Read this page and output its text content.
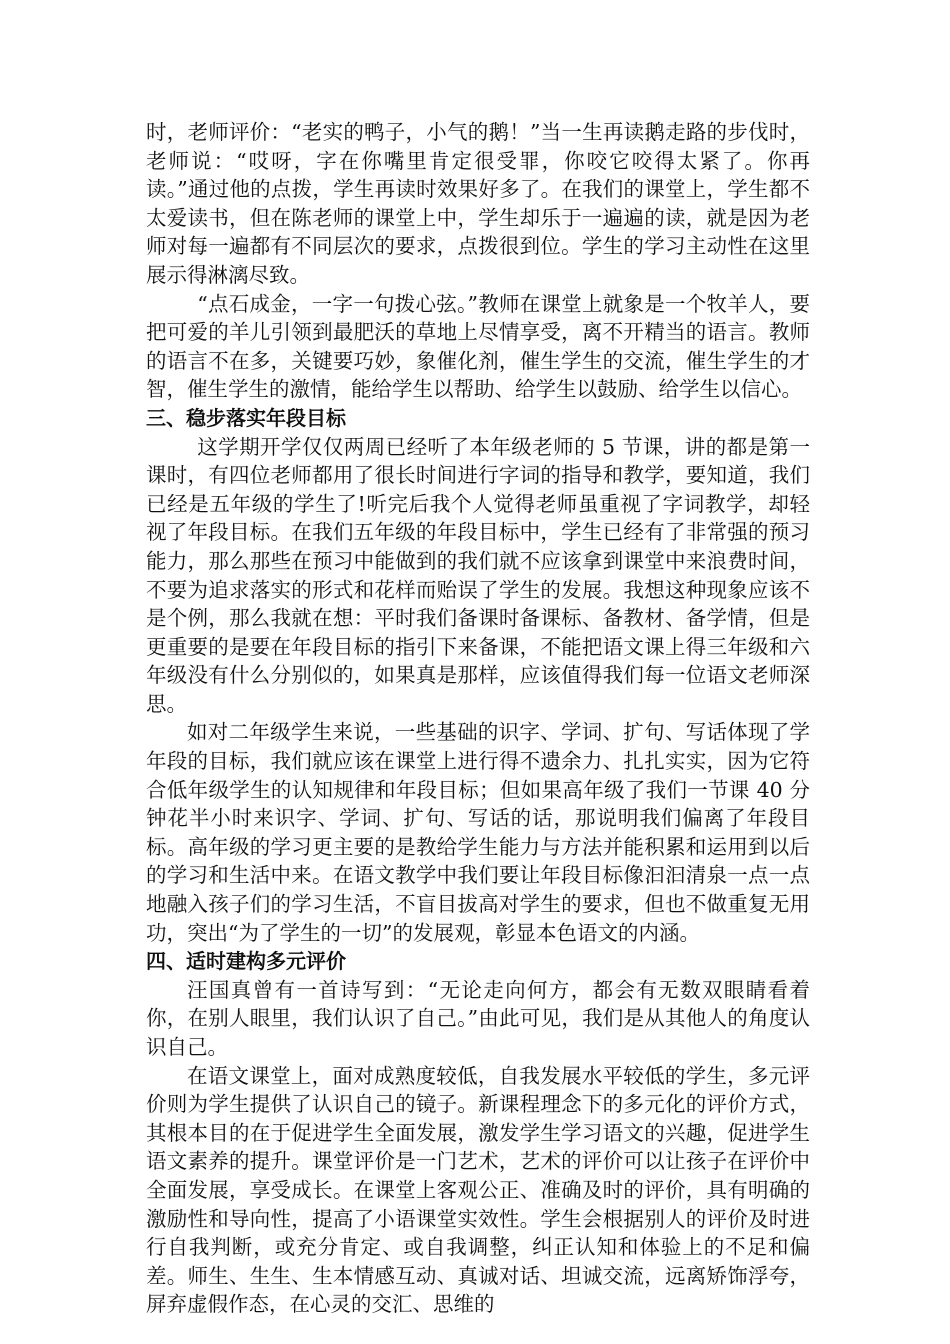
时，老师评价：“老实的鸭子，小气的鹅！”当一生再读鹅走路的步伐时，老师说：“哎呀，字在你嘴里肯定很受罪，你咬它咬得太紧了。你再读。”通过他的点拨，学生再读时效果好多了。在我们的课堂上，学生都不太爱读书，但在陈老师的课堂上中，学生却乐于一遍遍的读，就是因为老师对每一遍都有不同层次的要求，点拨很到位。学生的学习主动性在这里展示得淋漓尽致。

“点石成金，一字一句拨心弦。”教师在课堂上就象是一个牧羊人，要把可爱的羊儿引领到最肥沃的草地上尽情享受，离不开精当的语言。教师的语言不在多，关键要巧妙，象催化剂，催生学生的交流，催生学生的才智，催生学生的激情，能给学生以帮助、给学生以鼓励、给学生以信心。

三、稳步落实年段目标

这学期开学仅仅两周已经听了本年级老师的 5 节课，讲的都是第一课时，有四位老师都用了很长时间进行字词的指导和教学，要知道，我们已经是五年级的学生了!听完后我个人觉得老师虽重视了字词教学，却轻视了年段目标。在我们五年级的年段目标中，学生已经有了非常强的预习能力，那么那些在预习中能做到的我们就不应该拿到课堂中来浪费时间，不要为追求落实的形式和花样而贻误了学生的发展。我想这种现象应该不是个例，那么我就在想：平时我们备课时备课标、备教材、备学情，但是更重要的是要在年段目标的指引下来备课，不能把语文课上得三年级和六年级没有什么分别似的，如果真是那样，应该值得我们每一位语文老师深思。

如对二年级学生来说，一些基础的识字、学词、扩句、写话体现了学年段的目标，我们就应该在课堂上进行得不遗余力、扎扎实实，因为它符合低年级学生的认知规律和年段目标；但如果高年级了我们一节课 40 分钟花半小时来识字、学词、扩句、写话的话，那说明我们偏离了年段目标。高年级的学习更主要的是教给学生能力与方法并能积累和运用到以后的学习和生活中来。在语文教学中我们要让年段目标像汩汩清泉一点一点地融入孩子们的学习生活，不盲目拔高对学生的要求，但也不做重复无用功，突出“为了学生的一切”的发展观，彰显本色语文的内涵。

四、适时建构多元评价

汪国真曾有一首诗写到：“无论走向何方，都会有无数双眼睛看着你，在别人眼里，我们认识了自己。”由此可见，我们是从其他人的角度认识自己。

在语文课堂上，面对成熟度较低，自我发展水平较低的学生，多元评价则为学生提供了认识自己的镜子。新课程理念下的多元化的评价方式，其根本目的在于促进学生全面发展，激发学生学习语文的兴趣，促进学生语文素养的提升。课堂评价是一门艺术，艺术的评价可以让孩子在评价中全面发展，享受成长。在课堂上客观公正、准确及时的评价，具有明确的激励性和导向性，提高了小语课堂实效性。学生会根据别人的评价及时进行自我判断，或充分肯定、或自我调整，纠正认知和体验上的不足和偏差。师生、生生、生本情感互动、真诚对话、坦诚交流，远离矫饰浮夸，屏弃虚假作态，在心灵的交汇、思维的
